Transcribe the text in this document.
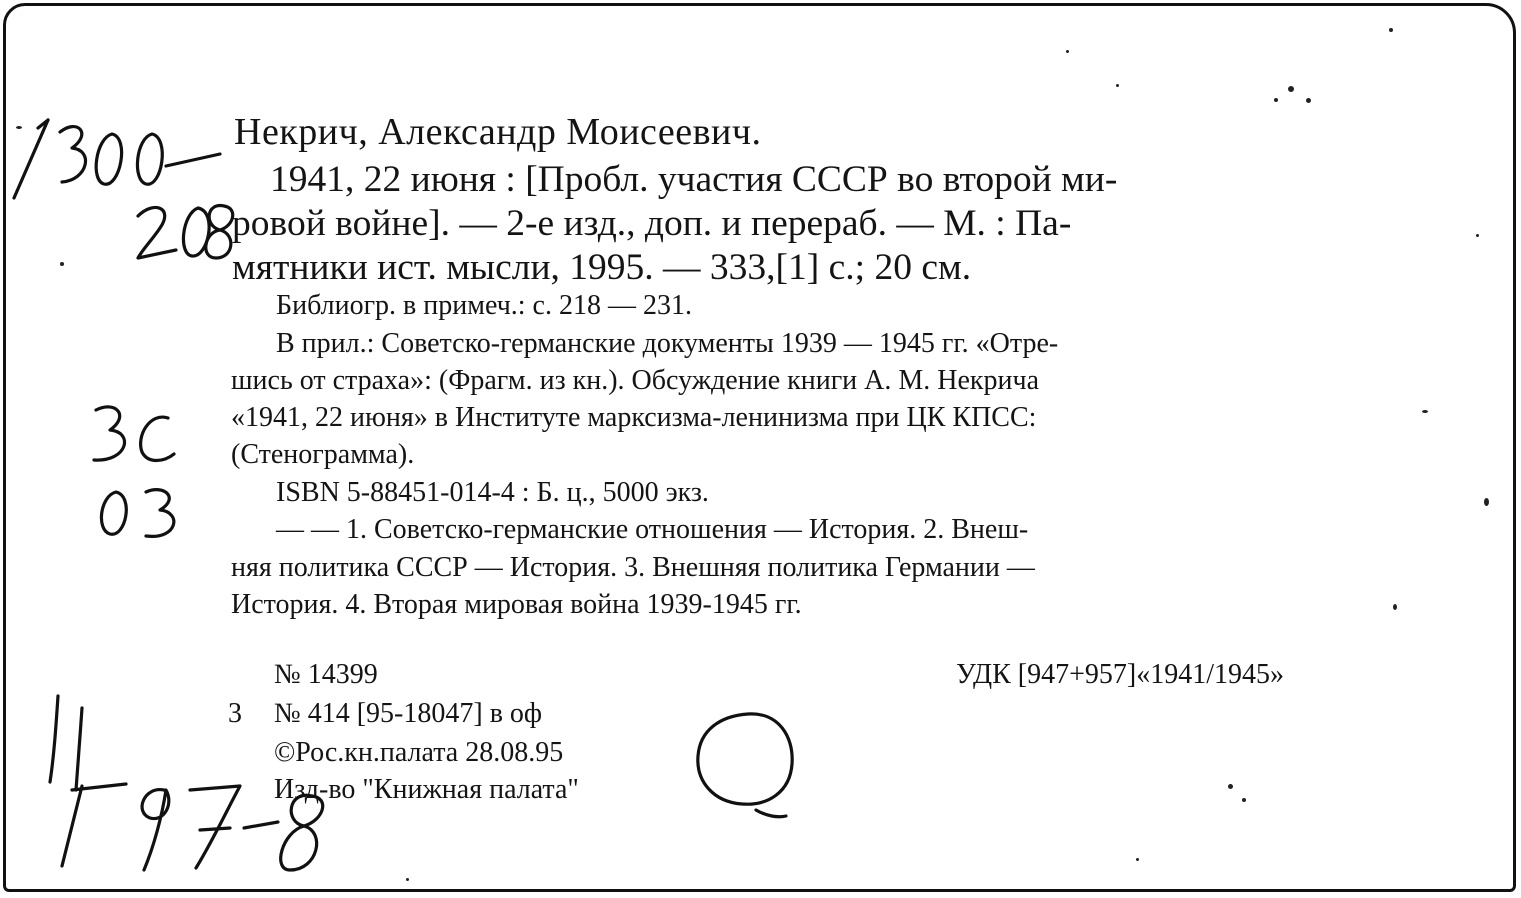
Некрич, Александр Моисеевич.

1941, 22 июня : [Пробл. участия СССР во второй ми-

ровой войне]. — 2-е изд., доп. и перераб. — М. : Па-

мятники ист. мысли, 1995. — 333,[1] с.; 20 см.

Библиогр. в примеч.: с. 218 — 231.

В прил.: Советско-германские документы 1939 — 1945 гг. «Отре-

шись от страха»: (Фрагм. из кн.). Обсуждение книги А. М. Некрича

«1941, 22 июня» в Институте марксизма-ленинизма при ЦК КПСС:

(Стенограмма).

ISBN 5-88451-014-4 : Б. ц., 5000 экз.

— — 1. Советско-германские отношения — История. 2. Внеш-

няя политика СССР — История. 3. Внешняя политика Германии —

История. 4. Вторая мировая война 1939-1945 гг.

№ 14399	УДК [947+957]«1941/1945»

3 № 414 [95-18047] в оф

©Рос.кн.палата 28.08.95

Изд-во "Книжная палата"
